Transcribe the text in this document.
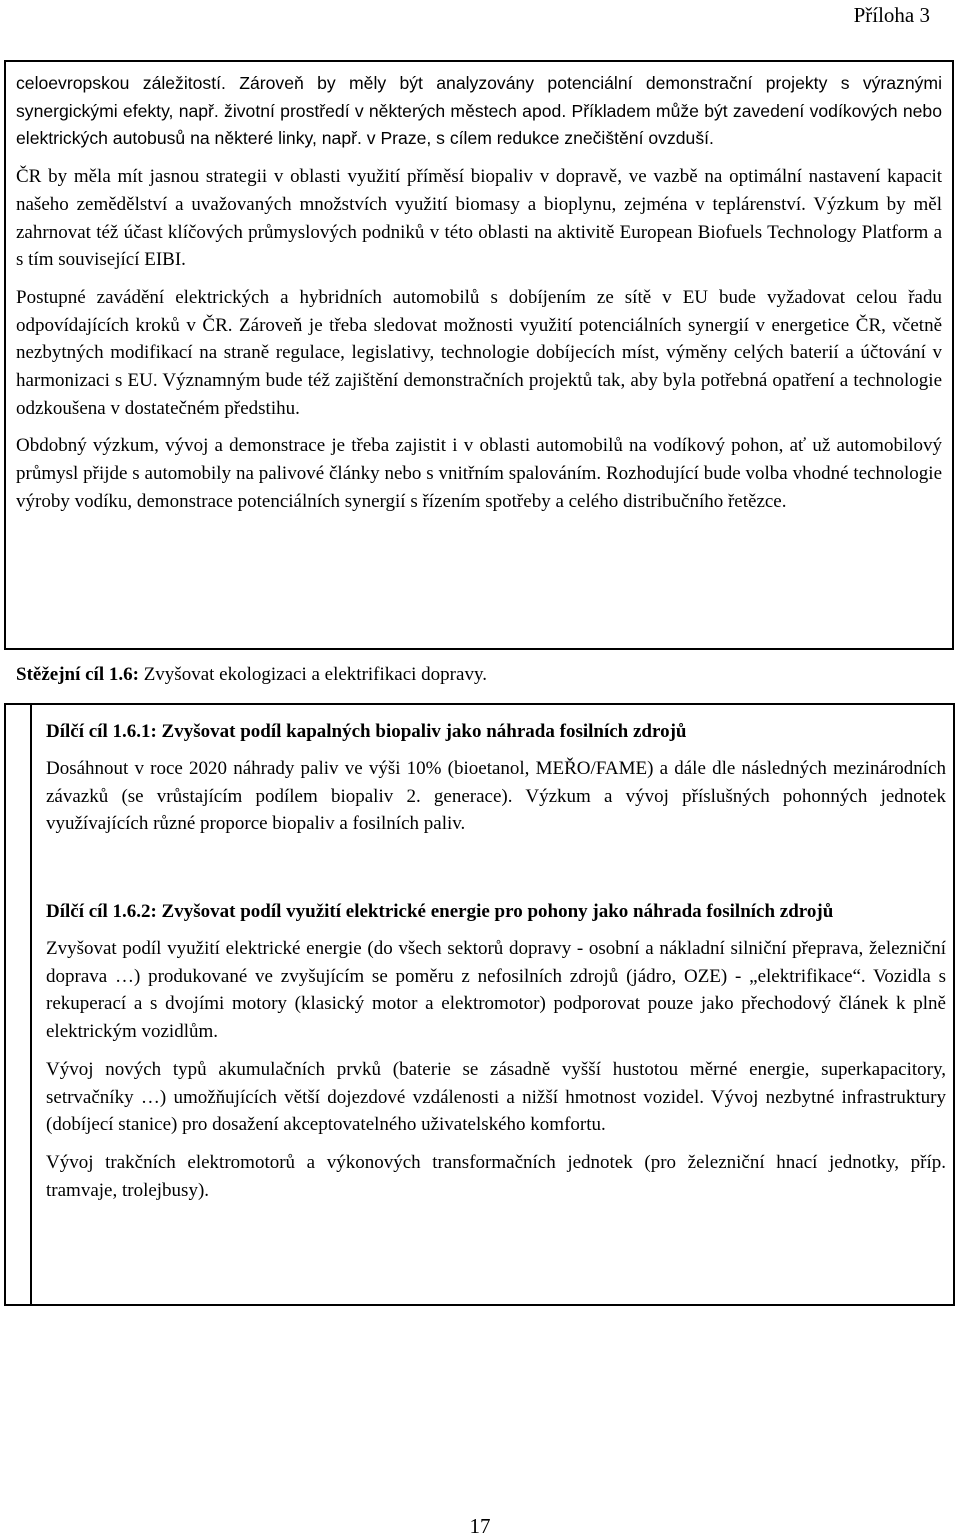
Příloha 3

celoevropskou záležitostí. Zároveň by měly být analyzovány potenciální demonstrační projekty s výraznými synergickými efekty, např. životní prostředí v některých městech apod. Příkladem může být zavedení vodíkových nebo elektrických autobusů na některé linky, např. v Praze, s cílem redukce znečištění ovzduší.

ČR by měla mít jasnou strategii v oblasti využití příměsí biopaliv v dopravě, ve vazbě na optimální nastavení kapacit našeho zemědělství a uvažovaných množstvích využití biomasy a bioplynu, zejména v teplárenství. Výzkum by měl zahrnovat též účast klíčových průmyslových podniků v této oblasti na aktivitě European Biofuels Technology Platform a s tím související EIBI.

Postupné zavádění elektrických a hybridních automobilů s dobíjením ze sítě v EU bude vyžadovat celou řadu odpovídajících kroků v ČR. Zároveň je třeba sledovat možnosti využití potenciálních synergií v energetice ČR, včetně nezbytných modifikací na straně regulace, legislativy, technologie dobíjecích míst, výměny celých baterií a účtování v harmonizaci s EU. Významným bude též zajištění demonstračních projektů tak, aby byla potřebná opatření a technologie odzkoušena v dostatečném předstihu.

Obdobný výzkum, vývoj a demonstrace je třeba zajistit i v oblasti automobilů na vodíkový pohon, ať už automobilový průmysl přijde s automobily na palivové články nebo s vnitřním spalováním. Rozhodující bude volba vhodné technologie výroby vodíku, demonstrace potenciálních synergií s řízením spotřeby a celého distribučního řetězce.

Stěžejní cíl 1.6: Zvyšovat ekologizaci a elektrifikaci dopravy.

Dílčí cíl 1.6.1: Zvyšovat podíl kapalných biopaliv jako náhrada fosilních zdrojů

Dosáhnout v roce 2020 náhrady paliv ve výši 10% (bioetanol, MEŘO/FAME) a dále dle následných mezinárodních závazků (se vrůstajícím podílem biopaliv 2. generace). Výzkum a vývoj příslušných pohonných jednotek využívajících různé proporce biopaliv a fosilních paliv.

Dílčí cíl 1.6.2: Zvyšovat podíl využití elektrické energie pro pohony jako náhrada fosilních zdrojů

Zvyšovat podíl využití elektrické energie (do všech sektorů dopravy - osobní a nákladní silniční přeprava, železniční doprava …) produkované ve zvyšujícím se poměru z nefosilních zdrojů (jádro, OZE) - „elektrifikace“. Vozidla s rekuperací a s dvojími motory (klasický motor a elektromotor) podporovat pouze jako přechodový článek k plně elektrickým vozidlům.

Vývoj nových typů akumulačních prvků (baterie se zásadně vyšší hustotou měrné energie, superkapacitory, setrvačníky …) umožňujících větší dojezdové vzdálenosti a nižší hmotnost vozidel. Vývoj nezbytné infrastruktury (dobíjecí stanice) pro dosažení akceptovatelného uživatelského komfortu.

Vývoj trakčních elektromotorů a výkonových transformačních jednotek (pro železniční hnací jednotky, příp. tramvaje, trolejbusy).

17
